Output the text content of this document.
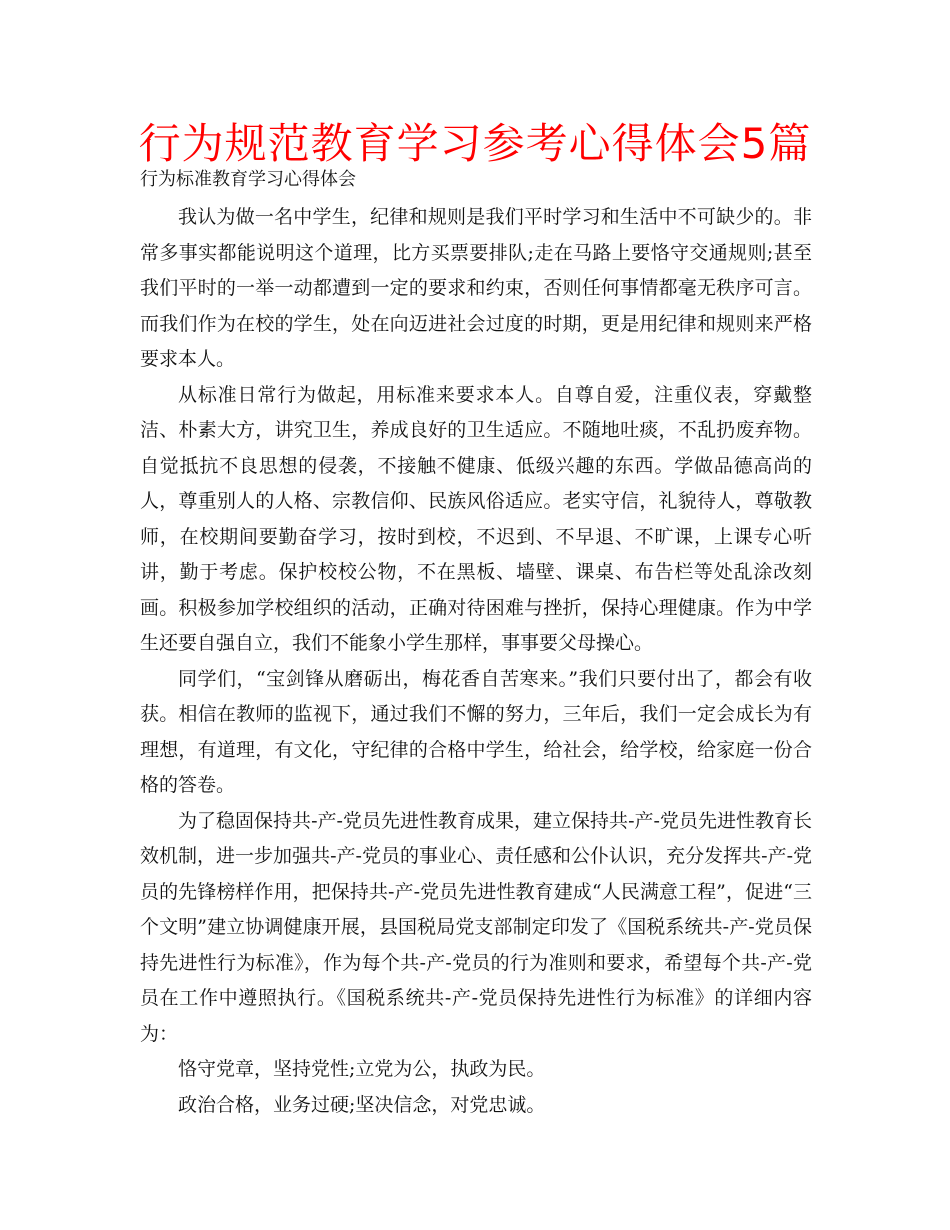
行为规范教育学习参考心得体会5篇
行为标准教育学习心得体会

我认为做一名中学生，纪律和规则是我们平时学习和生活中不可缺少的。非常多事实都能说明这个道理，比方买票要排队;走在马路上要恪守交通规则;甚至我们平时的一举一动都遭到一定的要求和约束，否则任何事情都毫无秩序可言。而我们作为在校的学生，处在向迈进社会过度的时期，更是用纪律和规则来严格要求本人。

从标准日常行为做起，用标准来要求本人。自尊自爱，注重仪表，穿戴整洁、朴素大方，讲究卫生，养成良好的卫生适应。不随地吐痰，不乱扔废弃物。自觉抵抗不良思想的侵袭，不接触不健康、低级兴趣的东西。学做品德高尚的人，尊重别人的人格、宗教信仰、民族风俗适应。老实守信，礼貌待人，尊敬教师，在校期间要勤奋学习，按时到校，不迟到、不早退、不旷课，上课专心听讲，勤于考虑。保护校校公物，不在黑板、墙壁、课桌、布告栏等处乱涂改刻画。积极参加学校组织的活动，正确对待困难与挫折，保持心理健康。作为中学生还要自强自立，我们不能象小学生那样，事事要父母操心。

同学们，“宝剑锋从磨砺出，梅花香自苦寒来。”我们只要付出了，都会有收获。相信在教师的监视下，通过我们不懈的努力，三年后，我们一定会成长为有理想，有道理，有文化，守纪律的合格中学生，给社会，给学校，给家庭一份合格的答卷。

为了稳固保持共-产-党员先进性教育成果，建立保持共-产-党员先进性教育长效机制，进一步加强共-产-党员的事业心、责任感和公仆认识，充分发挥共-产-党员的先锋榜样作用，把保持共-产-党员先进性教育建成“人民满意工程”，促进“三个文明”建立协调健康开展，县国税局党支部制定印发了《国税系统共-产-党员保持先进性行为标准》，作为每个共-产-党员的行为准则和要求，希望每个共-产-党员在工作中遵照执行。《国税系统共-产-党员保持先进性行为标准》的详细内容为：

恪守党章，坚持党性;立党为公，执政为民。

政治合格，业务过硬;坚决信念，对党忠诚。
